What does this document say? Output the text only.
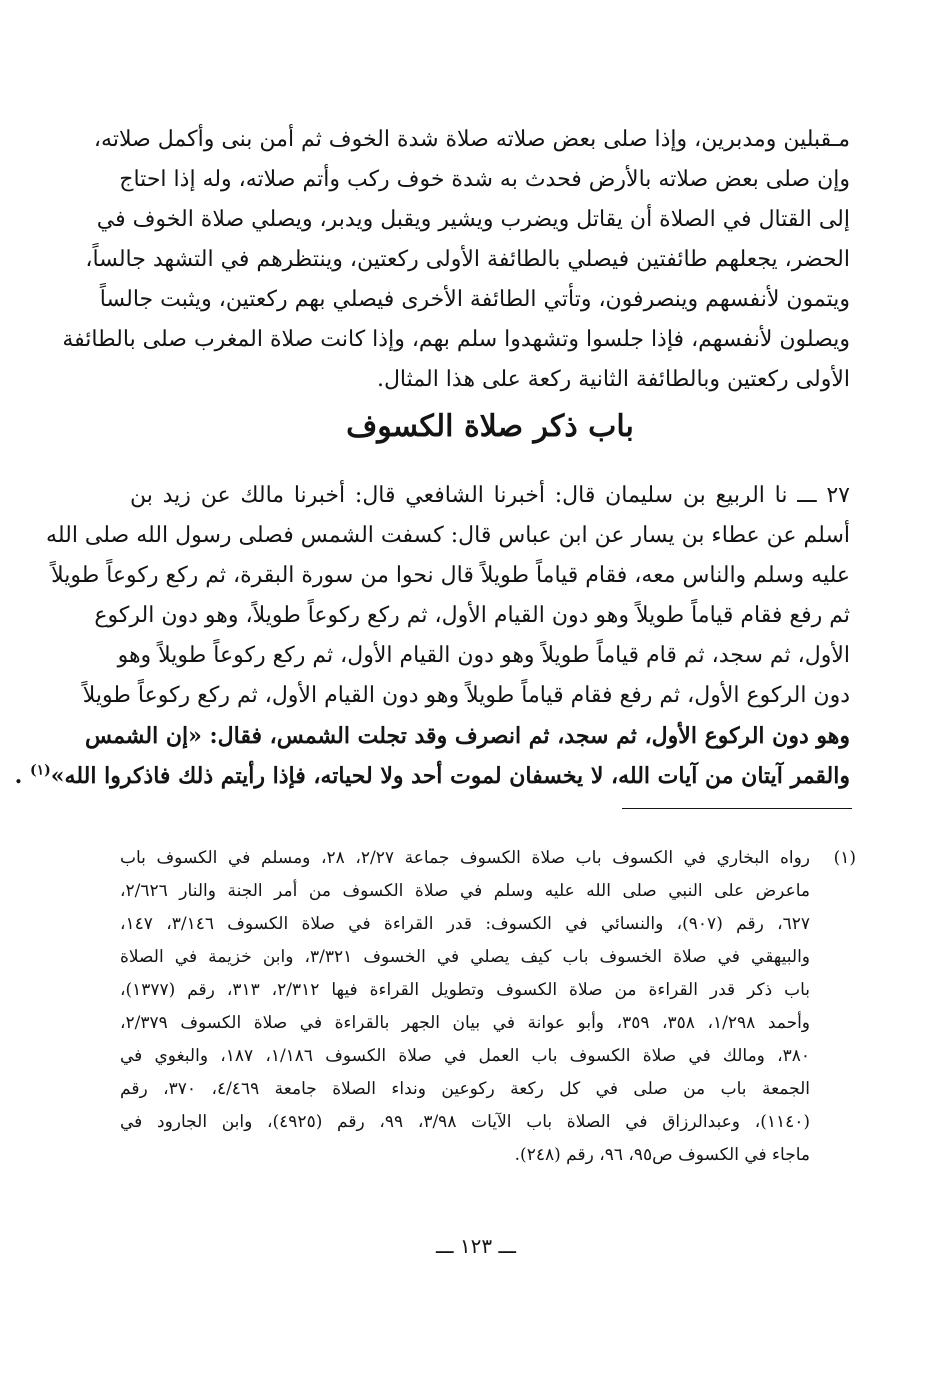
مـقبلين ومدبرين، وإذا صلى بعض صلاته صلاة شدة الخوف ثم أمن بنى وأكمل صلاته،
وإن صلى بعض صلاته بالأرض فحدث به شدة خوف ركب وأتم صلاته، وله إذا احتاج
إلى القتال في الصلاة أن يقاتل ويضرب ويشير ويقبل ويدبر، ويصلي صلاة الخوف في
الحضر، يجعلهم طائفتين فيصلي بالطائفة الأولى ركعتين، وينتظرهم في التشهد جالساً،
ويتمون لأنفسهم وينصرفون، وتأتي الطائفة الأخرى فيصلي بهم ركعتين، ويثبت جالساً
ويصلون لأنفسهم، فإذا جلسوا وتشهدوا سلم بهم، وإذا كانت صلاة المغرب صلى بالطائفة
الأولى ركعتين وبالطائفة الثانية ركعة على هذا المثال.
باب ذكر صلاة الكسوف
٢٧ ـــ نا الربيع بن سليمان قال: أخبرنا الشافعي قال: أخبرنا مالك عن زيد بن
أسلم عن عطاء بن يسار عن ابن عباس قال: كسفت الشمس فصلى رسول الله صلى الله
عليه وسلم والناس معه، فقام قياماً طويلاً قال نحوا من سورة البقرة، ثم ركع ركوعاً طويلاً
ثم رفع فقام قياماً طويلاً وهو دون القيام الأول، ثم ركع ركوعاً طويلاً، وهو دون الركوع
الأول، ثم سجد، ثم قام قياماً طويلاً وهو دون القيام الأول، ثم ركع ركوعاً طويلاً وهو
دون الركوع الأول، ثم رفع فقام قياماً طويلاً وهو دون القيام الأول، ثم ركع ركوعاً طويلاً
وهو دون الركوع الأول، ثم سجد، ثم انصرف وقد تجلت الشمس، فقال: «إن الشمس
والقمر آيتان من آيات الله، لا يخسفان لموت أحد ولا لحياته، فإذا رأيتم ذلك فاذكروا الله»$^{(١)}$ .
(١)
رواه البخاري في الكسوف باب صلاة الكسوف جماعة ٢/٢٧، ٢٨، ومسلم في الكسوف باب
ماعرض على النبي صلى الله عليه وسلم في صلاة الكسوف من أمر الجنة والنار ٢/٦٢٦،
٦٢٧، رقم (٩٠٧)، والنسائي في الكسوف: قدر القراءة في صلاة الكسوف ٣/١٤٦، ١٤٧،
والبيهقي في صلاة الخسوف باب كيف يصلي في الخسوف ٣/٣٢١، وابن خزيمة في الصلاة
باب ذكر قدر القراءة من صلاة الكسوف وتطويل القراءة فيها ٢/٣١٢، ٣١٣، رقم (١٣٧٧)،
وأحمد ١/٢٩٨، ٣٥٨، ٣٥٩، وأبو عوانة في بيان الجهر بالقراءة في صلاة الكسوف ٢/٣٧٩،
٣٨٠، ومالك في صلاة الكسوف باب العمل في صلاة الكسوف ١/١٨٦، ١٨٧، والبغوي في
الجمعة باب من صلى في كل ركعة ركوعين ونداء الصلاة جامعة ٤/٤٦٩، ٣٧٠، رقم
(١١٤٠)، وعبدالرزاق في الصلاة باب الآيات ٣/٩٨، ٩٩، رقم (٤٩٢٥)، وابن الجارود في
ماجاء في الكسوف ص٩٥، ٩٦، رقم (٢٤٨).
ـــ ١٢٣ ـــ
